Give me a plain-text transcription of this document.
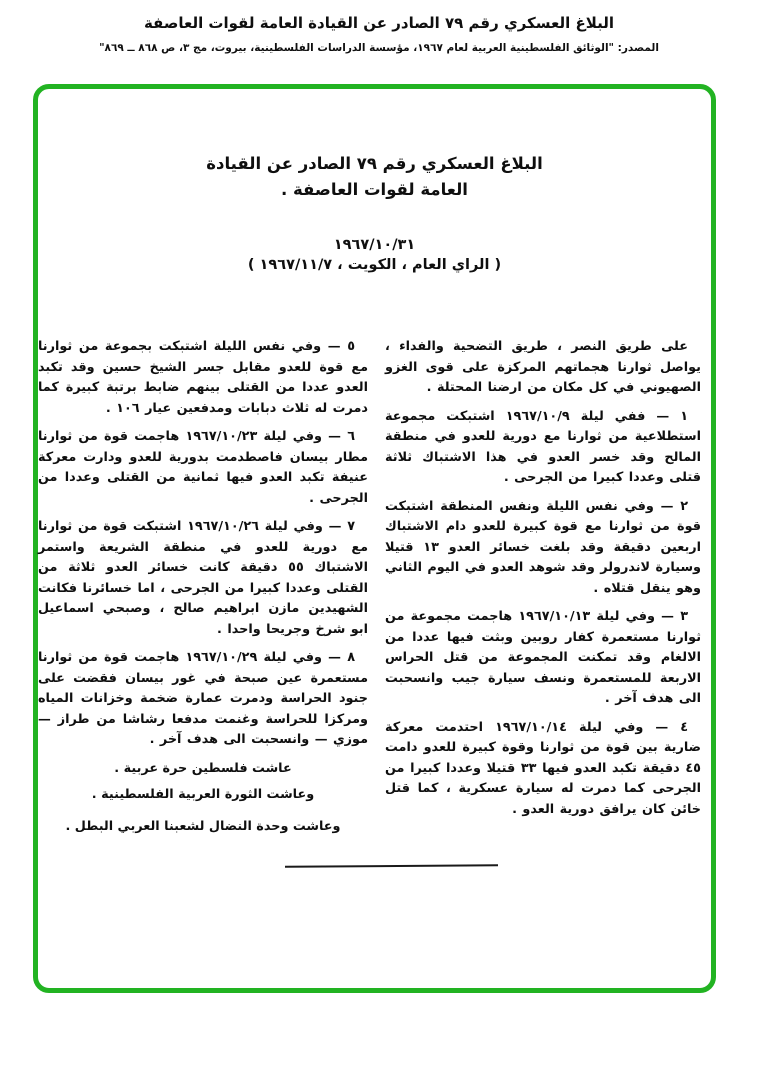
البلاغ العسكري رقم ٧٩ الصادر عن القيادة العامة لقوات العاصفة
المصدر: "الوثائق الفلسطينية العربية لعام ١٩٦٧، مؤسسة الدراسات الفلسطينية، بيروت، مج ٣، ص ٨٦٨ ــ ٨٦٩"
البلاغ العسكري رقم ٧٩ الصادر عن القيادة
العامة لقوات العاصفة .
١٩٦٧/١٠/٣١
( الراي العام ، الكويت ، ١٩٦٧/١١/٧ )

على طريق النصر ، طريق التضحية والفداء ، يواصل ثوارنا هجماتهم المركزة على قوى الغزو الصهيوني في كل مكان من ارضنا المحتلة .

١ — ففي ليلة ١٩٦٧/١٠/٩ اشتبكت مجموعة استطلاعية من ثوارنا مع دورية للعدو في منطقة المالح وقد خسر العدو في هذا الاشتباك ثلاثة قتلى وعددا كبيرا من الجرحى .

٢ — وفي نفس الليلة ونفس المنطقة اشتبكت قوة من ثوارنا مع قوة كبيرة للعدو دام الاشتباك اربعين دقيقة وقد بلغت خسائر العدو ١٣ قتيلا وسيارة لاندرولر وقد شوهد العدو في اليوم الثاني وهو ينقل قتلاه .

٣ — وفي ليلة ١٩٦٧/١٠/١٣ هاجمت مجموعة من ثوارنا مستعمرة كفار روبين وبثت فيها عددا من الالغام وقد تمكنت المجموعة من قتل الحراس الاربعة للمستعمرة ونسف سيارة جيب وانسحبت الى هدف آخر .

٤ — وفي ليلة ١٩٦٧/١٠/١٤ احتدمت معركة ضارية بين قوة من ثوارنا وقوة كبيرة للعدو دامت ٤٥ دقيقة تكبد العدو فيها ٣٣ قتيلا وعددا كبيرا من الجرحى كما دمرت له سيارة عسكرية ، كما قتل خائن كان يرافق دورية العدو .

٥ — وفي نفس الليلة اشتبكت بجموعة من ثوارنا مع قوة للعدو مقابل جسر الشيخ حسين وقد تكبد العدو عددا من القتلى بينهم ضابط برتبة كبيرة كما دمرت له ثلاث دبابات ومدفعين عيار ١٠٦ .

٦ — وفي ليلة ١٩٦٧/١٠/٢٣ هاجمت قوة من ثوارنا مطار بيسان فاصطدمت بدورية للعدو ودارت معركة عنيفة تكبد العدو فيها ثمانية من القتلى وعددا من الجرحى .

٧ — وفي ليلة ١٩٦٧/١٠/٢٦ اشتبكت قوة من ثوارنا مع دورية للعدو في منطقة الشريعة واستمر الاشتباك ٥٥ دقيقة كانت خسائر العدو ثلاثة من القتلى وعددا كبيرا من الجرحى ، اما خسائرنا فكانت الشهيدين مازن ابراهيم صالح ، وصبحي اسماعيل ابو شرخ وجريحا واحدا .

٨ — وفي ليلة ١٩٦٧/١٠/٢٩ هاجمت قوة من ثوارنا مستعمرة عين صبحة في غور بيسان فقضت على جنود الحراسة ودمرت عمارة ضخمة وخزانات المياه ومركزا للحراسة وغنمت مدفعا رشاشا من طراز — موزي — وانسحبت الى هدف آخر .

عاشت فلسطين حرة عربية .

وعاشت الثورة العربية الفلسطينية .

وعاشت وحدة النضال لشعبنا العربي البطل .
